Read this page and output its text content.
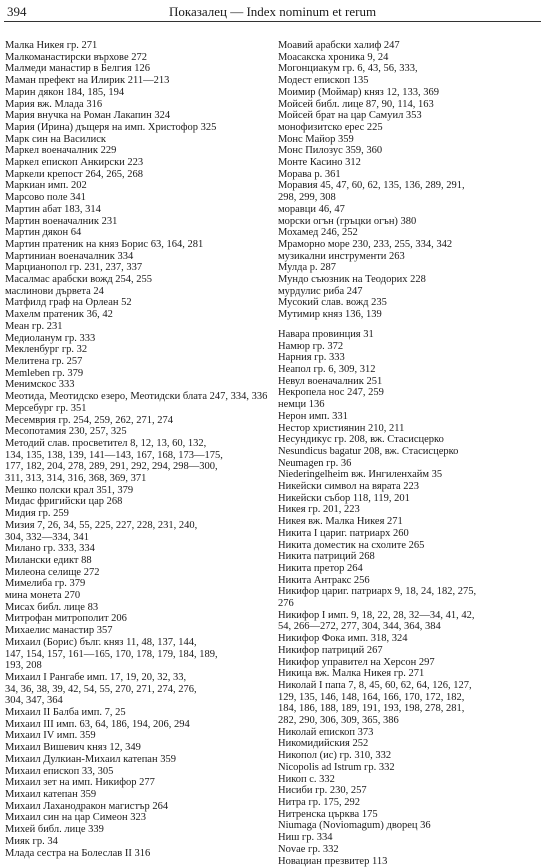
394	Показалец — Index nominum et rerum
Малка Никея гр. 271
Малкоманастирски върхове 272
Малмеди манастир в Белгия 126
Маман префект на Илирик 211—213
Марин дякон 184, 185, 194
Мария вж. Млада 316
Мария внучка на Роман Лакапин 324
Мария (Ирина) дъщеря на имп. Христофор 325
Марк син на Василиск
Маркел военачалник 229
Маркел епископ Анкирски 223
Маркели крепост 264, 265, 268
Маркиан имп. 202
Марсово поле 341
Мартин абат 183, 314
Мартин военачалник 231
Мартин дякон 64
Мартин пратеник на княз Борис 63, 164, 281
Мартиниан военачалник 334
Марцианопол гр. 231, 237, 337
Масалмас арабски вожд 254, 255
маслинови дървета 24
Матфилд граф на Орлеан 52
Махелм пратеник 36, 42
Меан гр. 231
Медиоланум гр. 333
Мекленбург гр. 32
Мелитена гр. 257
Memleben гр. 379
Менимскос 333
Меотида, Меотидско езеро, Меотидски блата 247, 334, 336
Мерсебург гр. 351
Месемврия гр. 254, 259, 262, 271, 274
Месопотамия 230, 257, 325
Методий слав. просветител 8, 12, 13, 60, 132,
134, 135, 138, 139, 141—143, 167, 168, 173—175,
177, 182, 204, 278, 289, 291, 292, 294, 298—300,
311, 313, 314, 316, 368, 369, 371
Мешко полски крал 351, 379
Мидас фригийски цар 268
Мидия гр. 259
Мизия 7, 26, 34, 55, 225, 227, 228, 231, 240,
304, 332—334, 341
Милано гр. 333, 334
Милански едикт 88
Милеона селище 272
Мимелиба гр. 379
мина монета 270
Мисах библ. лице 83
Митрофан митрополит 206
Михаелис манастир 357
Михаил (Борис) бълг. княз 11, 48, 137, 144,
147, 154, 157, 161—165, 170, 178, 179, 184, 189,
193, 208
Михаил I Рангабе имп. 17, 19, 20, 32, 33,
34, 36, 38, 39, 42, 54, 55, 270, 271, 274, 276,
304, 347, 364
Михаил II Балба имп. 7, 25
Михаил III имп. 63, 64, 186, 194, 206, 294
Михаил IV имп. 359
Михаил Вишевич княз 12, 349
Михаил Дулкиан-Михаил катепан 359
Михаил епископ 33, 305
Михаил зет на имп. Никифор 277
Михаил катепан 359
Михаил Лаханодракон магистър 264
Михаил син на цар Симеон 323
Михей библ. лице 339
Мияк гр. 34
Млада сестра на Болеслав II 316
Моавий арабски халиф 247
Моасакска хроника 9, 24
Могонциакум гр. 6, 43, 56, 333,
Модест епископ 135
Моимир (Моймар) княз 12, 133, 369
Мойсей библ. лице 87, 90, 114, 163
Мойсей брат на цар Самуил 353
монофизитско ерес 225
Монс Майор 359
Монс Пилозус 359, 360
Монте Касино 312
Морава р. 361
Моравия 45, 47, 60, 62, 135, 136, 289, 291,
298, 299, 308
моравци 46, 47
морски огън (гръцки огън) 380
Мохамед 246, 252
Мраморно море 230, 233, 255, 334, 342
музикални инструменти 263
Мулда р. 287
Мундо съюзник на Теодорих 228
мурдулис риба 247
Мусокий слав. вожд 235
Мутимир княз 136, 139
Навара провинция 31
Намюр гр. 372
Нарния гр. 333
Неапол гр. 6, 309, 312
Невул военачалник 251
Некропела нос 247, 259
немци 136
Нерон имп. 331
Нестор християнин 210, 211
Несундикус гр. 208, вж. Стасисцерко
Nesundicus bagatur 208, вж. Стасисцерко
Neumagen гр. 36
Niederingelheim вж. Ингиленхайм 35
Никейски символ на вярата 223
Никейски събор 118, 119, 201
Никея гр. 201, 223
Никея вж. Малка Никея 271
Никита I цариг. патриарх 260
Никита доместик на схолите 265
Никита патриций 268
Никита претор 264
Никита Антракс 256
Никифор цариг. патриарх 9, 18, 24, 182, 275,
276
Никифор I имп. 9, 18, 22, 28, 32—34, 41, 42,
54, 266—272, 277, 304, 344, 364, 384
Никифор Фока имп. 318, 324
Никифор патриций 267
Никифор управител на Херсон 297
Никица вж. Малка Никея гр. 271
Николай I папа 7, 8, 45, 60, 62, 64, 126, 127,
129, 135, 146, 148, 164, 166, 170, 172, 182,
184, 186, 188, 189, 191, 193, 198, 278, 281,
282, 290, 306, 309, 365, 386
Николай епископ 373
Никомидийския 252
Никопол (ис) гр. 310, 332
Nicopolis ad Istrum гр. 332
Никоп с. 332
Нисиби гр. 230, 257
Нитра гр. 175, 292
Нитренска църква 175
Niumaga (Noviomagum) дворец 36
Ниш гр. 334
Novae гр. 332
Новациан презвитер 113
